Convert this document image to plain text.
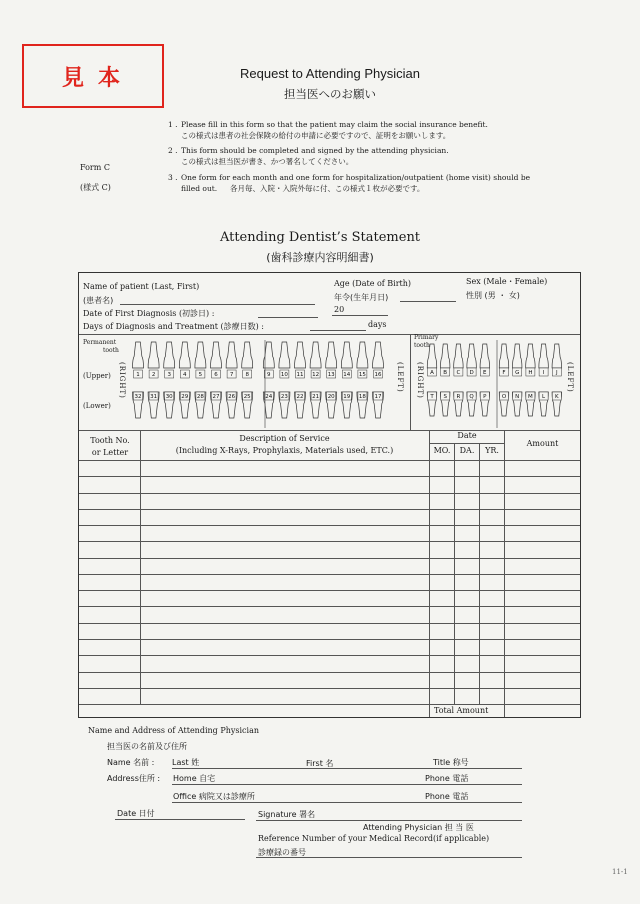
見本	Request to Attending Physician
担当医へのお願い
Form C
(様式 C)
1 . Please fill in this form so that the patient may claim the social insurance benefit.
この様式は患者の社会保険の給付の申請に必要ですので、証明をお願いします。
2 . This form should be completed and signed by the attending physician.
この様式は担当医が書き、かつ署名してください。
3 . One form for each month and one form for hospitalization/outpatient (home visit) should be
filled out. 各月毎、入院・入院外毎に付、この様式１枚が必要です。
Attending Dentist’s Statement
(歯科診療内容明細書)
Name of patient (Last, First)
(患者名)
Age (Date of Birth)
年令(生年月日)
Sex (Male・Female)
性別 (男 ・ 女)
Date of First Diagnosis (初診日) :	20
Days of Diagnosis and Treatment (診療日数) :	days
Permanent
tooth
(Upper)
(Lower)
(RIGHT)	(LEFT)
Primary
tooth
(RIGHT)	(LEFT)
1 2 3 4 5 6 7 8	9 10 11 12 13 14 15 16
32 31 30 29 28 27 26 25	24 23 22 21 20 19 18 17
A B C D E	F G H I J
T S R Q P	O N M L K
Tooth No.
or Letter
Description of Service
(Including X-Rays, Prophylaxis, Materials used, ETC.)
Date
MO.	DA.	YR.
Amount
Total Amount
Name and Address of Attending Physician
担当医の名前及び住所
Name 名前 : Last 姓	First 名	Title 称号
Address住所 : Home 自宅	Phone 電話
Office 病院又は診療所	Phone 電話
Date 日付	Signature 署名
Attending Physician 担 当 医
Reference Number of your Medical Record(if applicable)
診療録の番号
11-1
